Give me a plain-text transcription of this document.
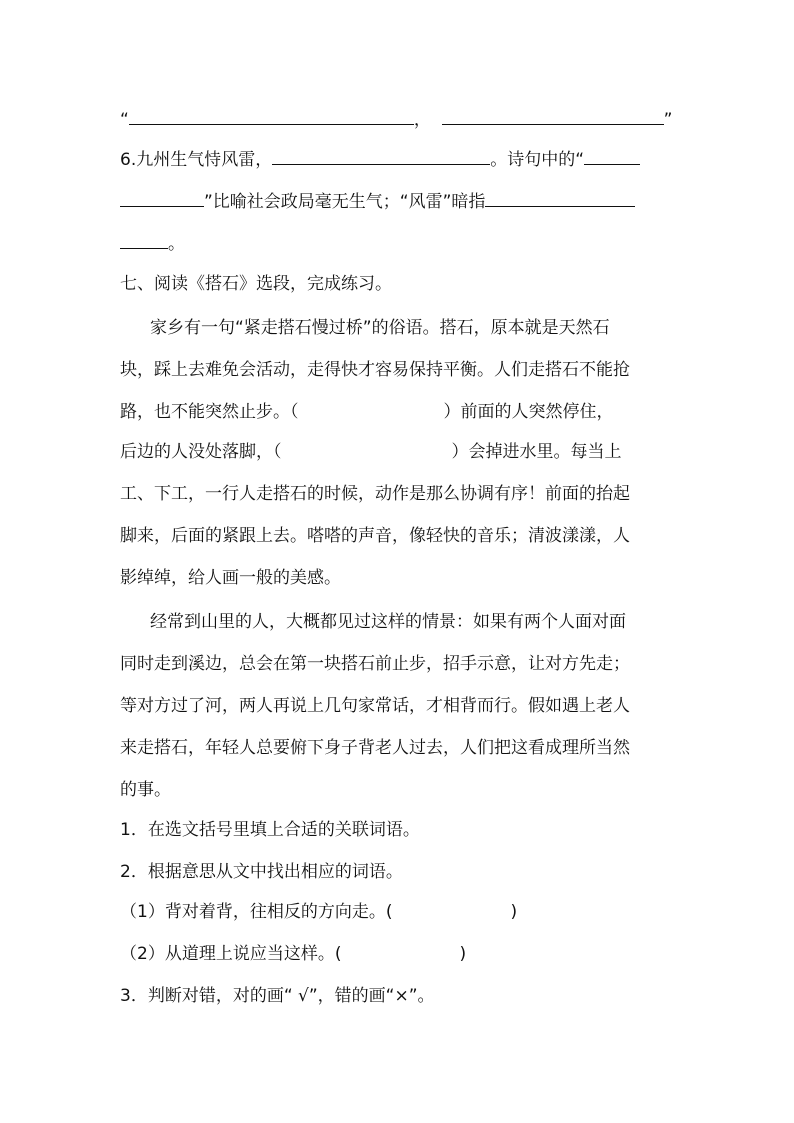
“	，	”
6.九州生气恃风雷，	。诗句中的“
”比喻社会政局毫无生气；“风雷”暗指
。
七、阅读《搭石》选段，完成练习。
家乡有一句“紧走搭石慢过桥”的俗语。搭石，原本就是天然石
块，踩上去难免会活动，走得快才容易保持平衡。人们走搭石不能抢
路，也不能突然止步。（	）前面的人突然停住，
后边的人没处落脚，（	）会掉进水里。每当上
工、下工，一行人走搭石的时候，动作是那么协调有序！前面的抬起
脚来，后面的紧跟上去。嗒嗒的声音，像轻快的音乐；清波漾漾，人
影绰绰，给人画一般的美感。
经常到山里的人，大概都见过这样的情景：如果有两个人面对面
同时走到溪边，总会在第一块搭石前止步，招手示意，让对方先走；
等对方过了河，两人再说上几句家常话，才相背而行。假如遇上老人
来走搭石，年轻人总要俯下身子背老人过去，人们把这看成理所当然
的事。
1．在选文括号里填上合适的关联词语。
2．根据意思从文中找出相应的词语。
（1）背对着背，往相反的方向走。(	)
（2）从道理上说应当这样。(	)
3．判断对错，对的画“ √”，错的画“×”。
